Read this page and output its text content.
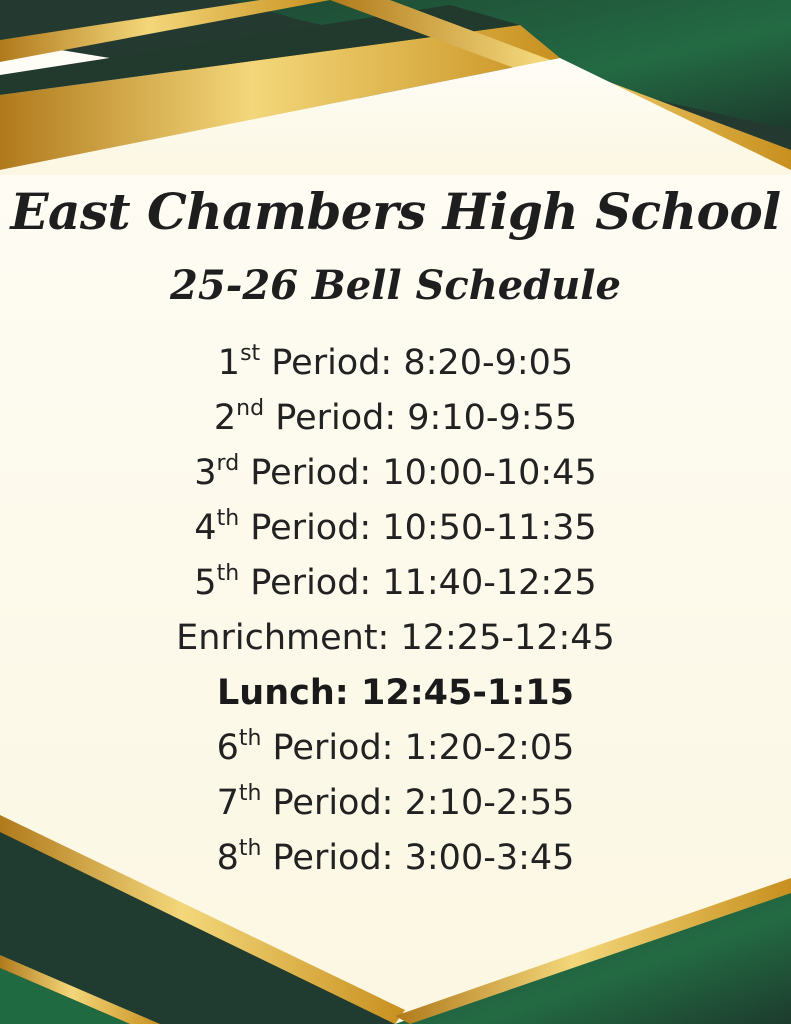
East Chambers High School
25-26 Bell Schedule
1st Period: 8:20-9:05
2nd Period: 9:10-9:55
3rd Period: 10:00-10:45
4th Period: 10:50-11:35
5th Period: 11:40-12:25
Enrichment: 12:25-12:45
Lunch: 12:45-1:15
6th Period: 1:20-2:05
7th Period: 2:10-2:55
8th Period: 3:00-3:45
